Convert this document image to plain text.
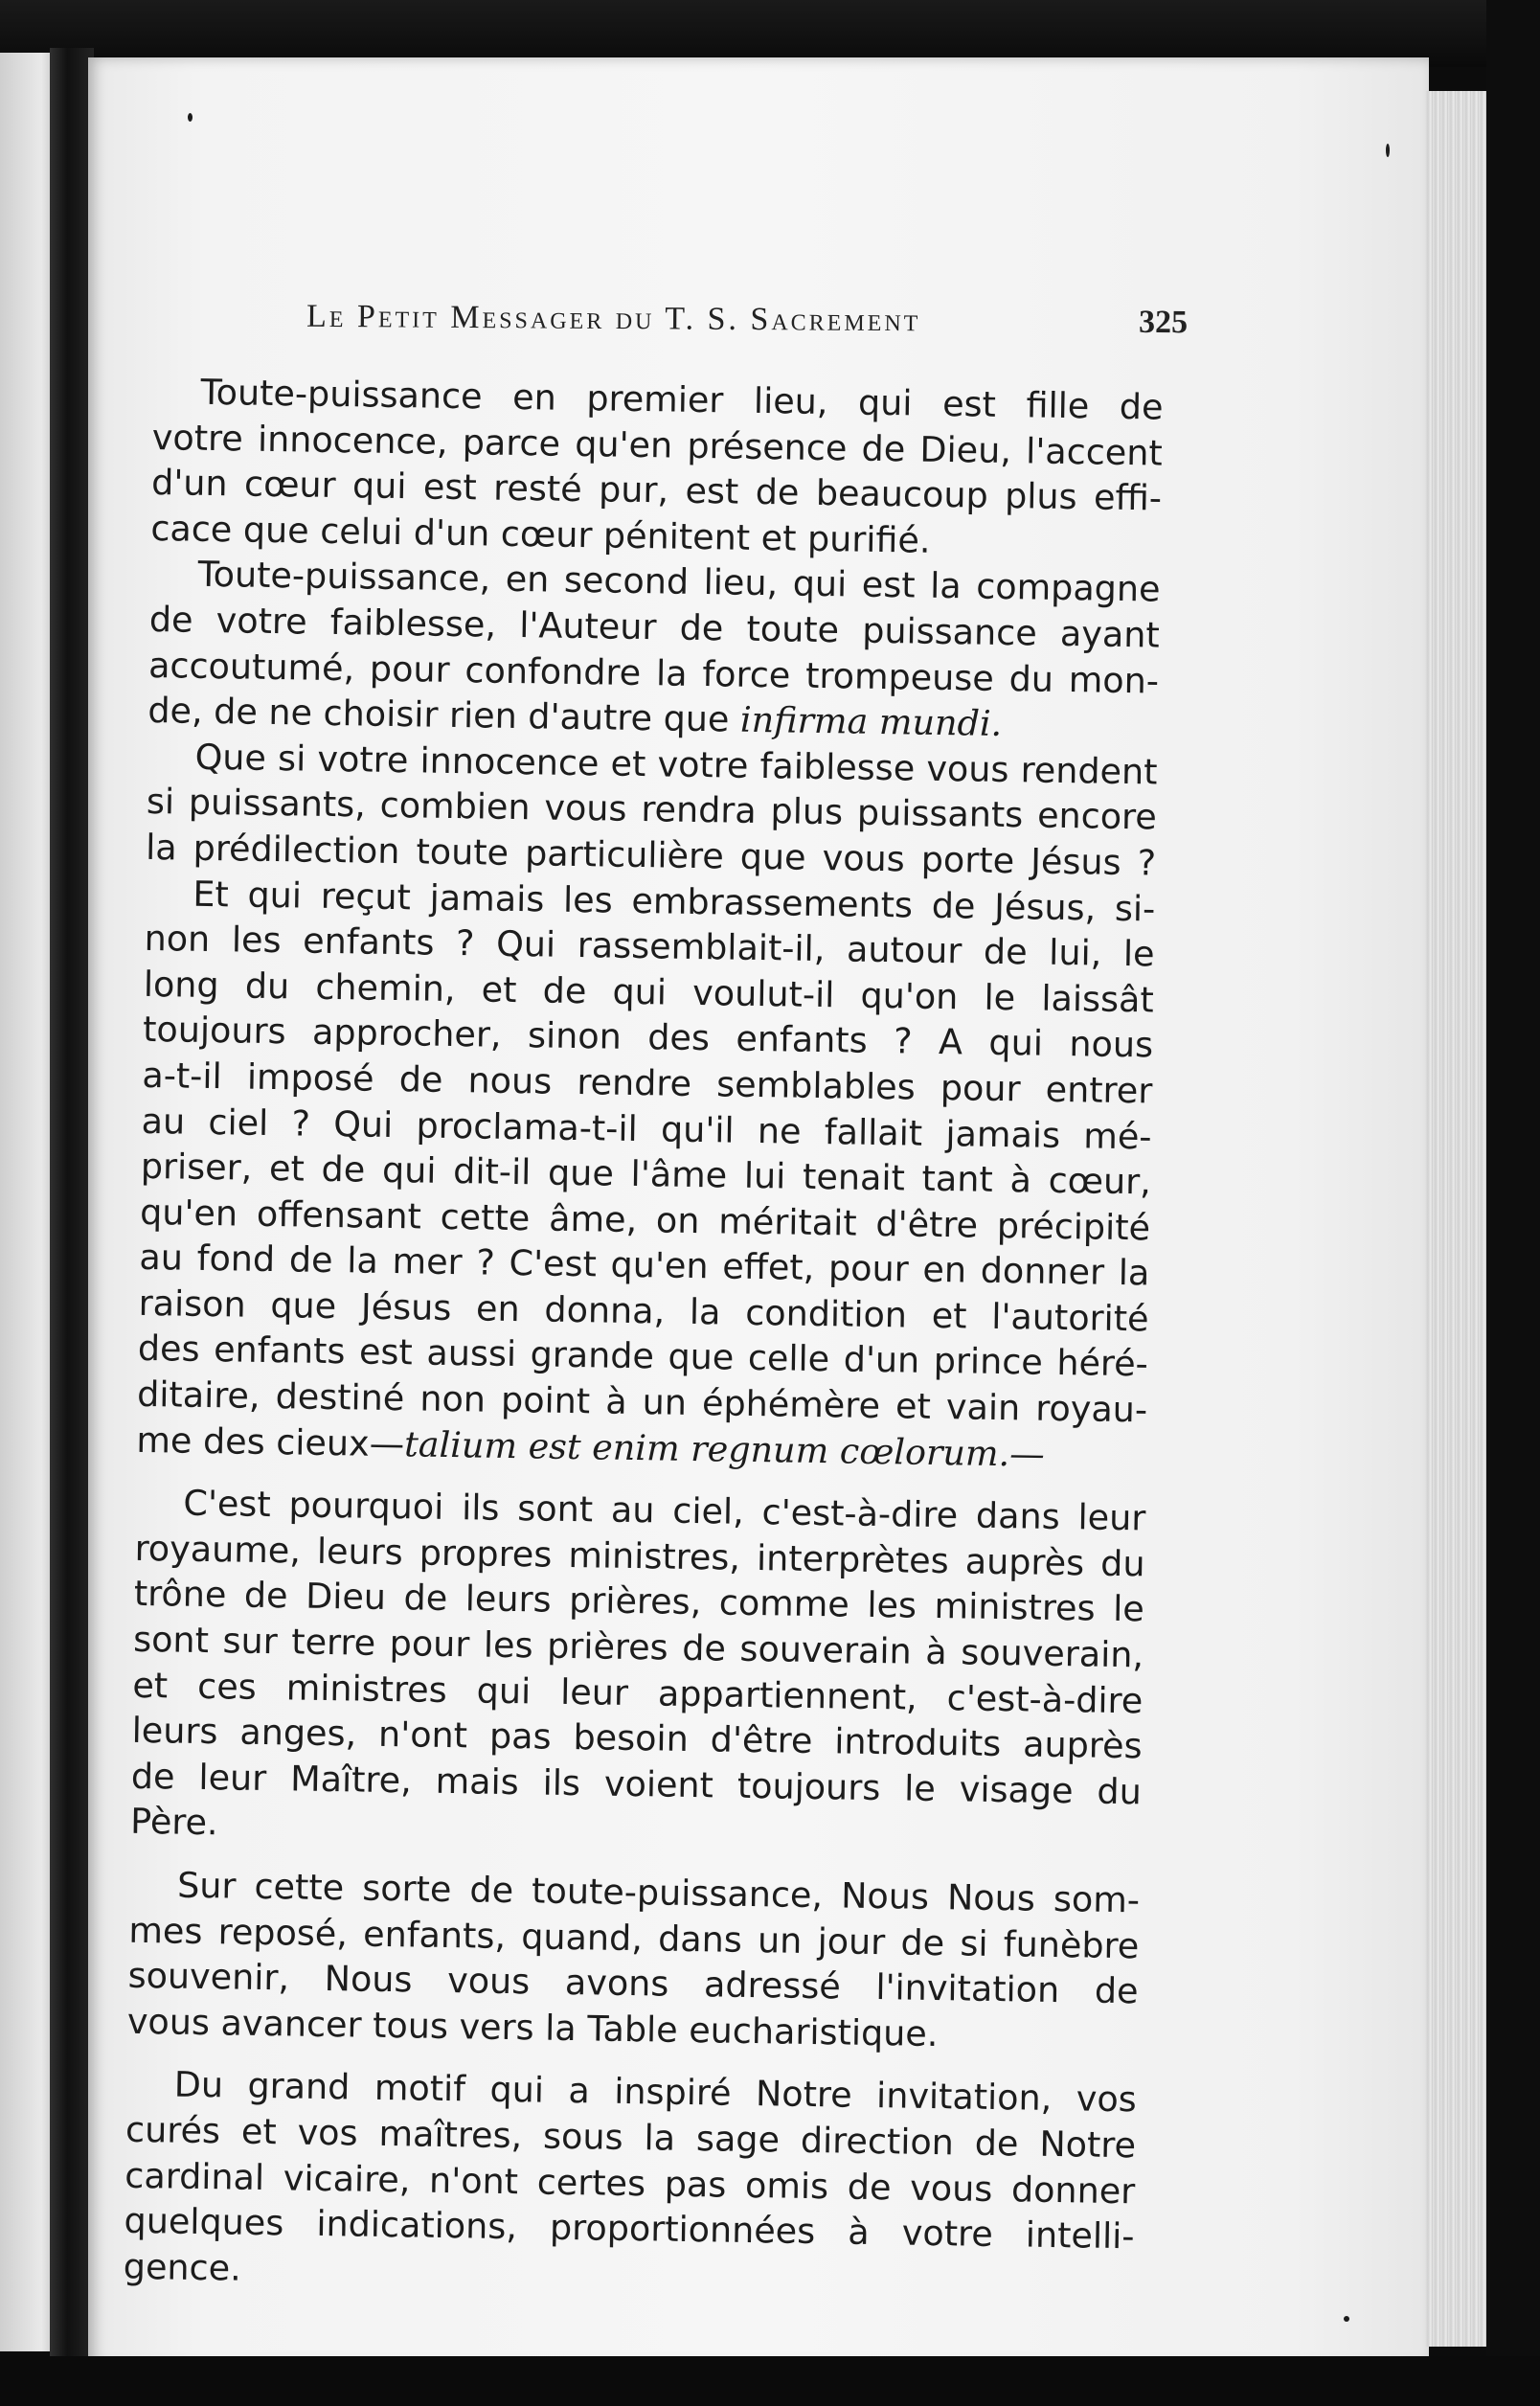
Le Petit Messager du T. S. Sacrement	325

Toute-puissance en premier lieu, qui est fille de
votre innocence, parce qu'en présence de Dieu, l'accent
d'un cœur qui est resté pur, est de beaucoup plus effi-
cace que celui d'un cœur pénitent et purifié.

Toute-puissance, en second lieu, qui est la compagne
de votre faiblesse, l'Auteur de toute puissance ayant
accoutumé, pour confondre la force trompeuse du mon-
de, de ne choisir rien d'autre que infirma mundi.

Que si votre innocence et votre faiblesse vous rendent
si puissants, combien vous rendra plus puissants encore
la prédilection toute particulière que vous porte Jésus ?

Et qui reçut jamais les embrassements de Jésus, si-
non les enfants ? Qui rassemblait-il, autour de lui, le
long du chemin, et de qui voulut-il qu'on le laissât
toujours approcher, sinon des enfants ? A qui nous
a-t-il imposé de nous rendre semblables pour entrer
au ciel ? Qui proclama-t-il qu'il ne fallait jamais mé-
priser, et de qui dit-il que l'âme lui tenait tant à cœur,
qu'en offensant cette âme, on méritait d'être précipité
au fond de la mer ? C'est qu'en effet, pour en donner la
raison que Jésus en donna, la condition et l'autorité
des enfants est aussi grande que celle d'un prince héré-
ditaire, destiné non point à un éphémère et vain royau-
me des cieux—talium est enim regnum cœlorum.—

C'est pourquoi ils sont au ciel, c'est-à-dire dans leur
royaume, leurs propres ministres, interprètes auprès du
trône de Dieu de leurs prières, comme les ministres le
sont sur terre pour les prières de souverain à souverain,
et ces ministres qui leur appartiennent, c'est-à-dire
leurs anges, n'ont pas besoin d'être introduits auprès
de leur Maître, mais ils voient toujours le visage du
Père.

Sur cette sorte de toute-puissance, Nous Nous som-
mes reposé, enfants, quand, dans un jour de si funèbre
souvenir, Nous vous avons adressé l'invitation de
vous avancer tous vers la Table eucharistique.

Du grand motif qui a inspiré Notre invitation, vos
curés et vos maîtres, sous la sage direction de Notre
cardinal vicaire, n'ont certes pas omis de vous donner
quelques indications, proportionnées à votre intelli-
gence.
